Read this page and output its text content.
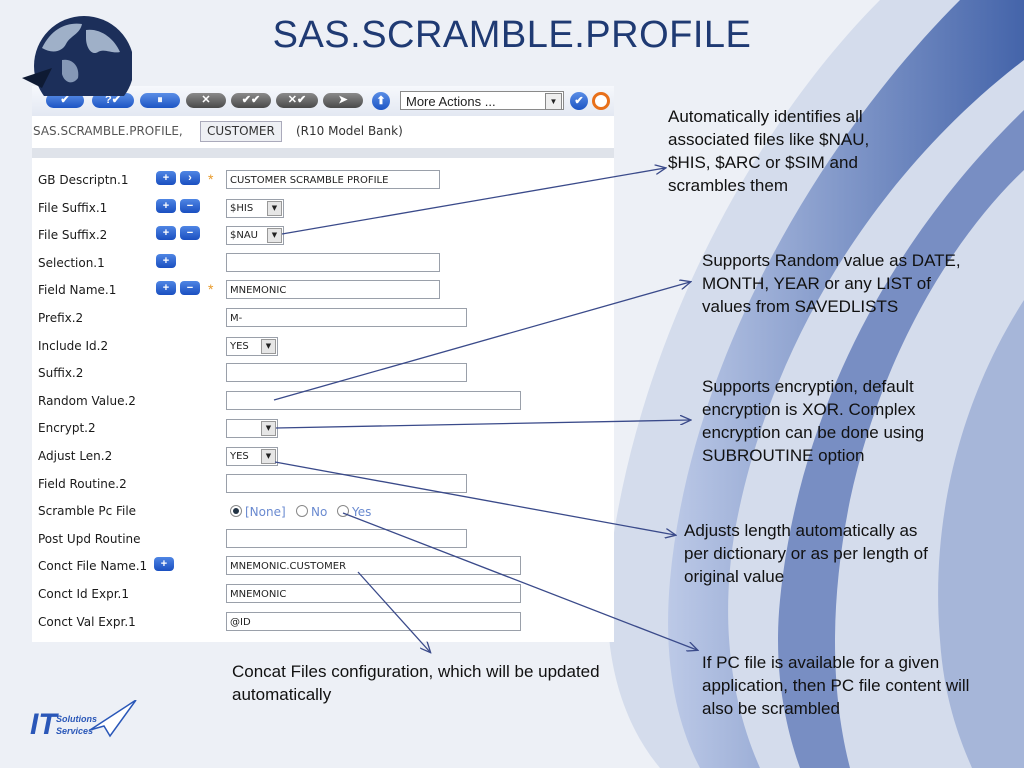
SAS.SCRAMBLE.PROFILE
✔	?✔	⏸	✕	✔✔	✕✔	➤	⬆	More Actions ...	▼	✔
SAS.SCRAMBLE.PROFILE,	CUSTOMER	(R10 Model Bank)
GB Descriptn.1	+	›	*	CUSTOMER SCRAMBLE PROFILE
File Suffix.1	+	−	$HIS	▼
File Suffix.2	+	−	$NAU	▼
Selection.1	+
Field Name.1	+	−	*	MNEMONIC
Prefix.2	M-
Include Id.2	YES	▼
Suffix.2
Random Value.2
Encrypt.2	▼
Adjust Len.2	YES	▼
Field Routine.2
Scramble Pc File	[None]	No	Yes
Post Upd Routine
Conct File Name.1	+	MNEMONIC.CUSTOMER
Conct Id Expr.1	MNEMONIC
Conct Val Expr.1	@ID
Automatically identifies all associated files like $NAU, $HIS, $ARC or $SIM and scrambles them
Supports Random value as DATE, MONTH, YEAR or any LIST of values from SAVEDLISTS
Supports encryption, default encryption is XOR. Complex encryption can be done using SUBROUTINE option
Adjusts length automatically as per dictionary or as per length of original value
If PC file is available for a given application, then PC file content will also be scrambled
Concat Files configuration, which will be updated automatically
IT Solutions
Services
